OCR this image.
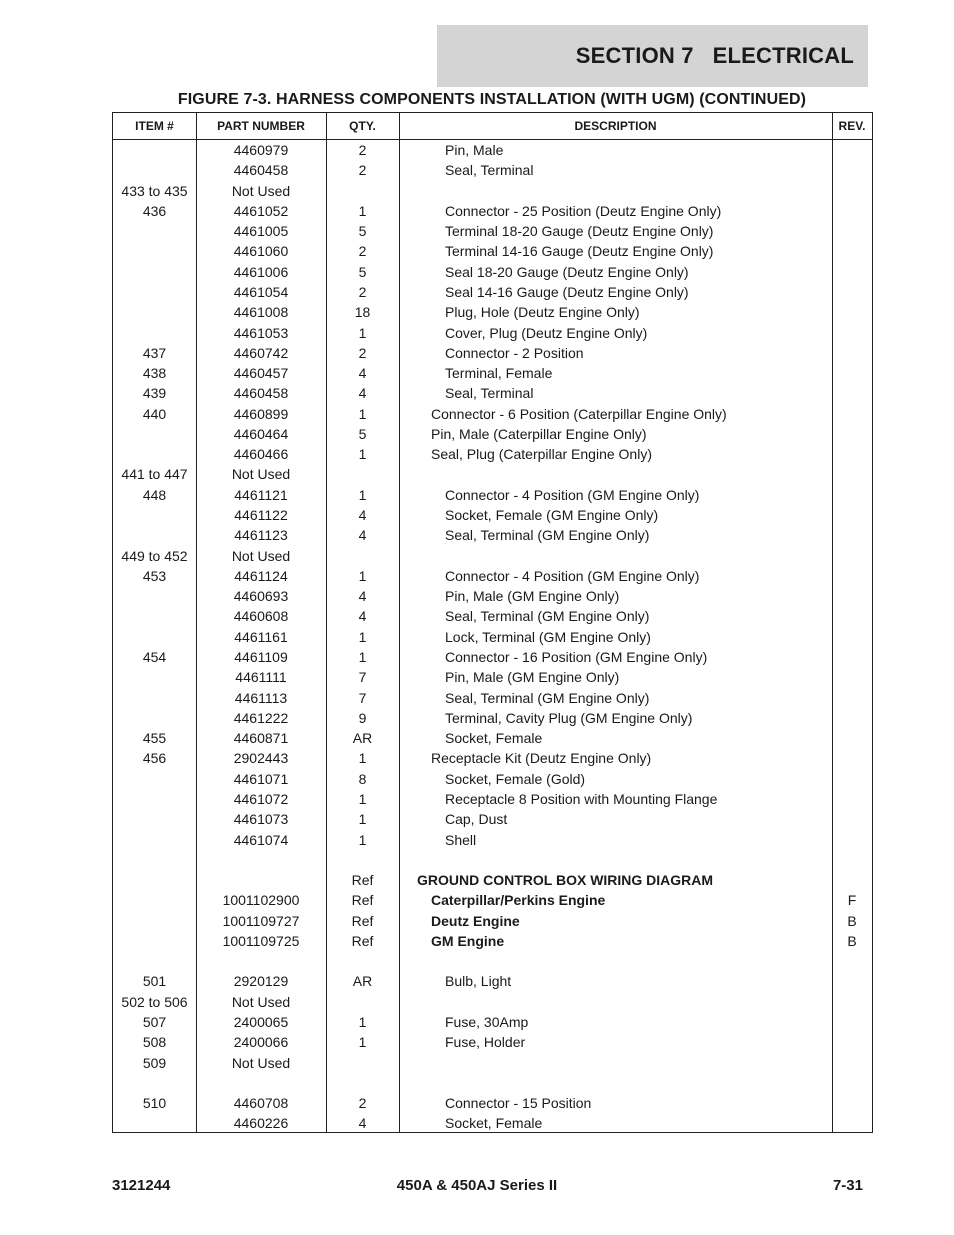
SECTION 7   ELECTRICAL
FIGURE 7-3. HARNESS COMPONENTS INSTALLATION (WITH UGM) (CONTINUED)
ITEM #	PART NUMBER	QTY.	DESCRIPTION	REV.
4460979	2	Pin, Male
4460458	2	Seal, Terminal
433 to 435	Not Used
436	4461052	1	Connector - 25 Position (Deutz Engine Only)
4461005	5	Terminal 18-20 Gauge (Deutz Engine Only)
4461060	2	Terminal 14-16 Gauge (Deutz Engine Only)
4461006	5	Seal 18-20 Gauge (Deutz Engine Only)
4461054	2	Seal 14-16 Gauge (Deutz Engine Only)
4461008	18	Plug, Hole (Deutz Engine Only)
4461053	1	Cover, Plug (Deutz Engine Only)
437	4460742	2	Connector - 2 Position
438	4460457	4	Terminal, Female
439	4460458	4	Seal, Terminal
440	4460899	1	Connector - 6 Position (Caterpillar Engine Only)
4460464	5	Pin, Male (Caterpillar Engine Only)
4460466	1	Seal, Plug (Caterpillar Engine Only)
441 to 447	Not Used
448	4461121	1	Connector - 4 Position (GM Engine Only)
4461122	4	Socket, Female (GM Engine Only)
4461123	4	Seal, Terminal (GM Engine Only)
449 to 452	Not Used
453	4461124	1	Connector - 4 Position (GM Engine Only)
4460693	4	Pin, Male (GM Engine Only)
4460608	4	Seal, Terminal (GM Engine Only)
4461161	1	Lock, Terminal (GM Engine Only)
454	4461109	1	Connector - 16 Position (GM Engine Only)
4461111	7	Pin, Male (GM Engine Only)
4461113	7	Seal, Terminal (GM Engine Only)
4461222	9	Terminal, Cavity Plug (GM Engine Only)
455	4460871	AR	Socket, Female
456	2902443	1	Receptacle Kit (Deutz Engine Only)
4461071	8	Socket, Female (Gold)
4461072	1	Receptacle 8 Position with Mounting Flange
4461073	1	Cap, Dust
4461074	1	Shell
Ref	GROUND CONTROL BOX WIRING DIAGRAM
1001102900	Ref	Caterpillar/Perkins Engine	F
1001109727	Ref	Deutz Engine	B
1001109725	Ref	GM Engine	B
501	2920129	AR	Bulb, Light
502 to 506	Not Used
507	2400065	1	Fuse, 30Amp
508	2400066	1	Fuse, Holder
509	Not Used
510	4460708	2	Connector - 15 Position
4460226	4	Socket, Female
3121244	450A & 450AJ Series II	7-31
